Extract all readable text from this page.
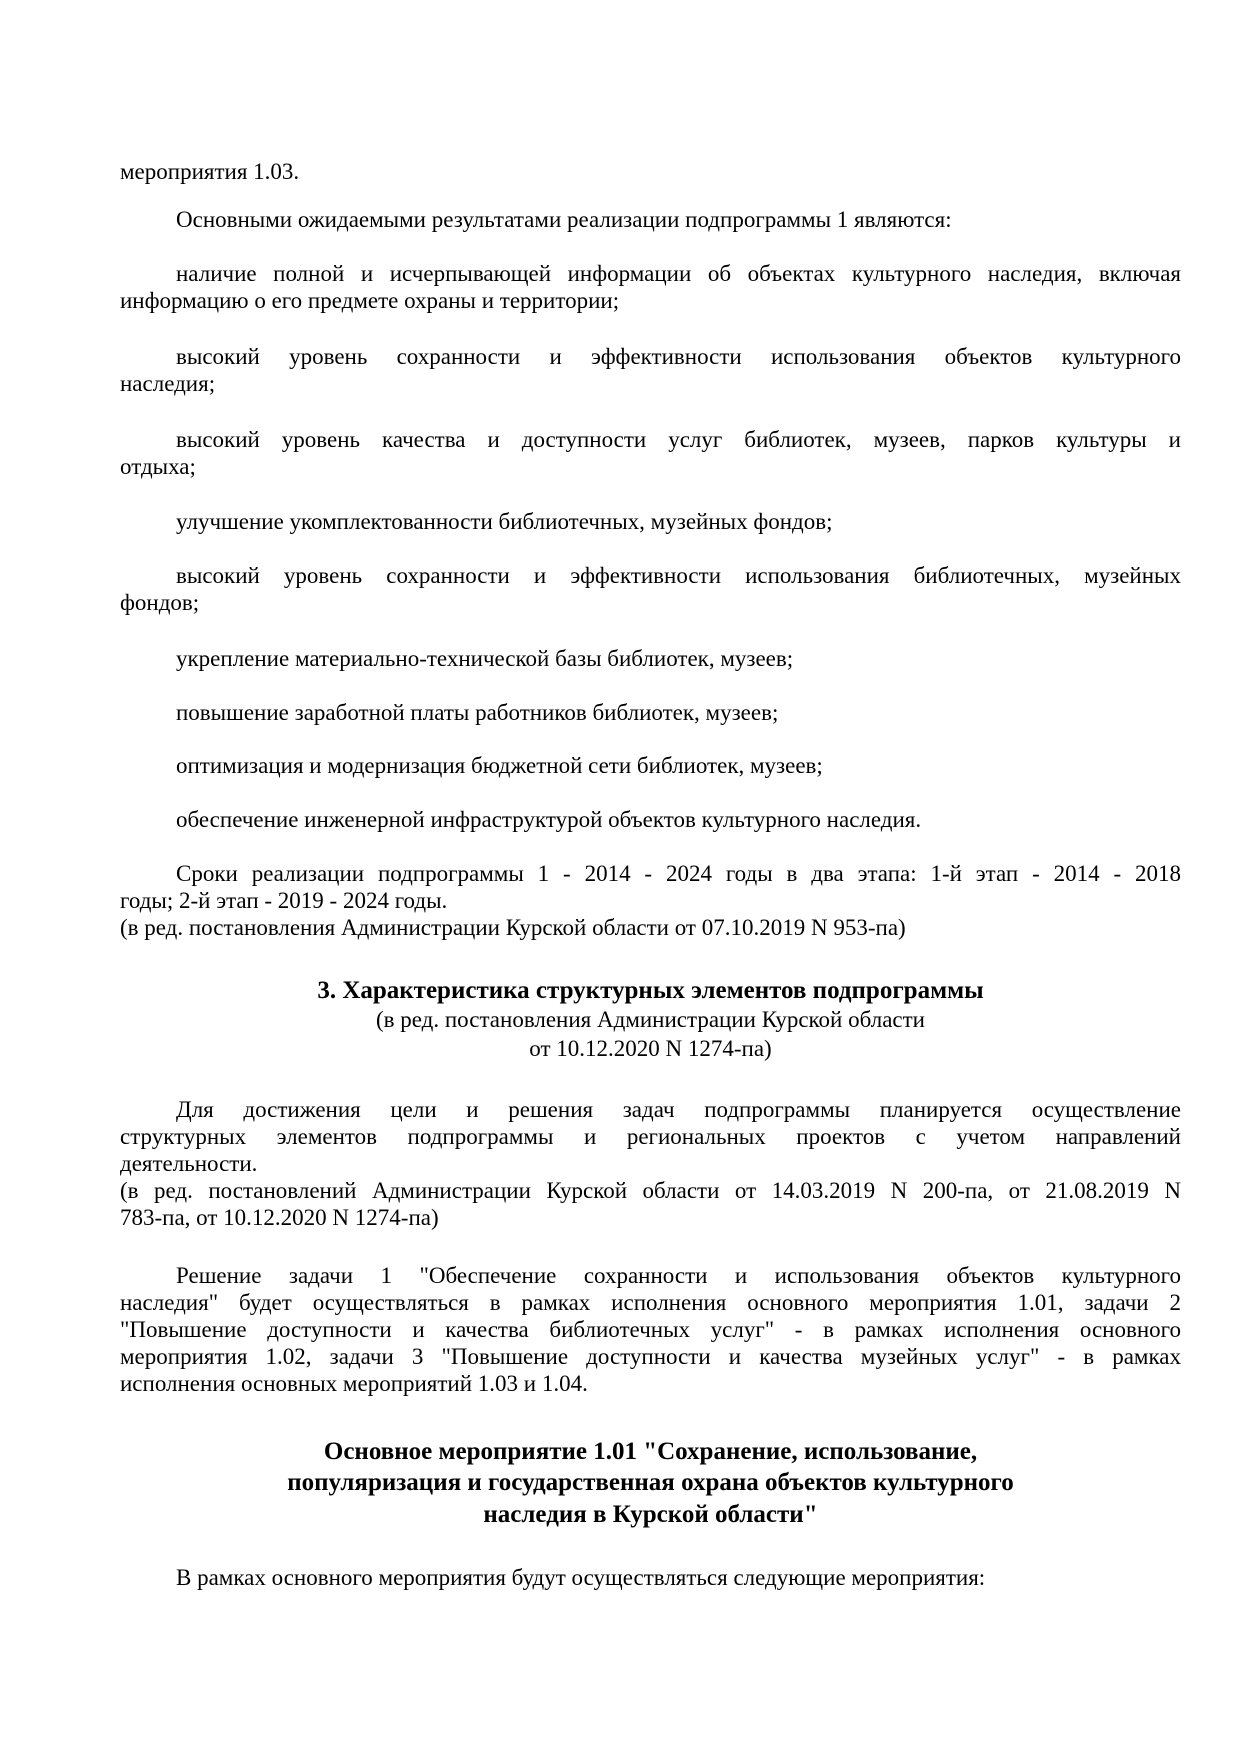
мероприятия 1.03.
Основными ожидаемыми результатами реализации подпрограммы 1 являются:
наличие полной и исчерпывающей информации об объектах культурного наследия, включая
информацию о его предмете охраны и территории;
высокий уровень сохранности и эффективности использования объектов культурного
наследия;
высокий уровень качества и доступности услуг библиотек, музеев, парков культуры и
отдыха;
улучшение укомплектованности библиотечных, музейных фондов;
высокий уровень сохранности и эффективности использования библиотечных, музейных
фондов;
укрепление материально-технической базы библиотек, музеев;
повышение заработной платы работников библиотек, музеев;
оптимизация и модернизация бюджетной сети библиотек, музеев;
обеспечение инженерной инфраструктурой объектов культурного наследия.
Сроки реализации подпрограммы 1 - 2014 - 2024 годы в два этапа: 1-й этап - 2014 - 2018
годы; 2-й этап - 2019 - 2024 годы.
(в ред. постановления Администрации Курской области от 07.10.2019 N 953-па)
3. Характеристика структурных элементов подпрограммы
(в ред. постановления Администрации Курской области
от 10.12.2020 N 1274-па)
Для достижения цели и решения задач подпрограммы планируется осуществление
структурных элементов подпрограммы и региональных проектов с учетом направлений
деятельности.
(в ред. постановлений Администрации Курской области от 14.03.2019 N 200-па, от 21.08.2019 N
783-па, от 10.12.2020 N 1274-па)
Решение задачи 1 "Обеспечение сохранности и использования объектов культурного
наследия" будет осуществляться в рамках исполнения основного мероприятия 1.01, задачи 2
"Повышение доступности и качества библиотечных услуг" - в рамках исполнения основного
мероприятия 1.02, задачи 3 "Повышение доступности и качества музейных услуг" - в рамках
исполнения основных мероприятий 1.03 и 1.04.
Основное мероприятие 1.01 "Сохранение, использование,
популяризация и государственная охрана объектов культурного
наследия в Курской области"
В рамках основного мероприятия будут осуществляться следующие мероприятия:
